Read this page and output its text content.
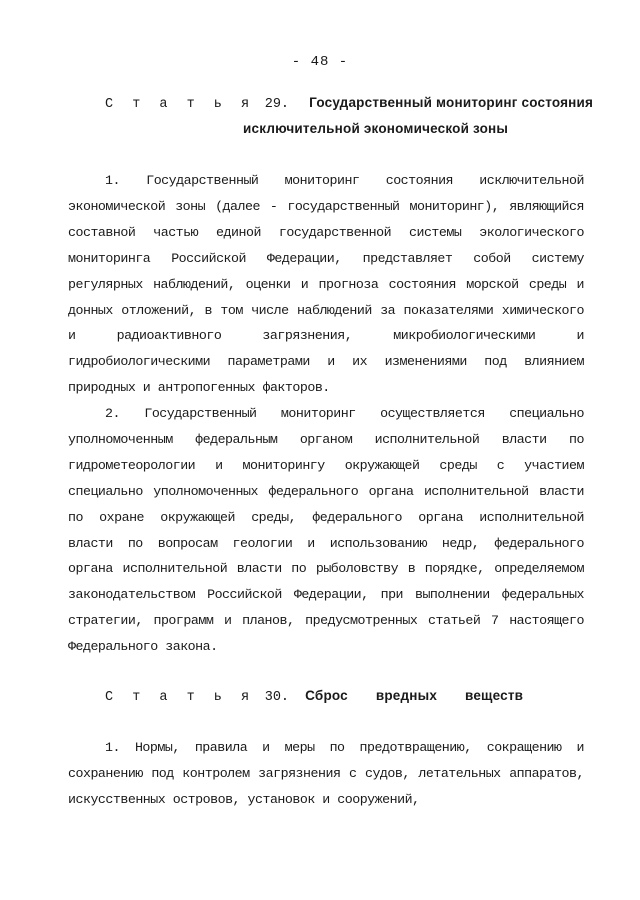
- 48 -
С т а т ь я 29. Государственный мониторинг состояния
исключительной экономической зоны

1. Государственный мониторинг состояния исключительной экономической зоны (далее - государственный мониторинг), являющийся составной частью единой государственной системы экологического мониторинга Российской Федерации, представляет собой систему регулярных наблюдений, оценки и прогноза состояния морской среды и донных отложений, в том числе наблюдений за показателями химического и радиоактивного загрязнения, микробиологическими и гидробиологическими параметрами и их изменениями под влиянием природных и антропогенных факторов.

2. Государственный мониторинг осуществляется специально уполномоченным федеральным органом исполнительной власти по гидрометеорологии и мониторингу окружающей среды с участием специально уполномоченных федерального органа исполнительной власти по охране окружающей среды, федерального органа исполнительной власти по вопросам геологии и использованию недр, федерального органа исполнительной власти по рыболовству в порядке, определяемом законодательством Российской Федерации, при выполнении федеральных стратегии, программ и планов, предусмотренных статьей 7 настоящего Федерального закона.

С т а т ь я 30. Сброс вредных веществ

1. Нормы, правила и меры по предотвращению, сокращению и сохранению под контролем загрязнения с судов, летательных аппаратов, искусственных островов, установок и сооружений,
